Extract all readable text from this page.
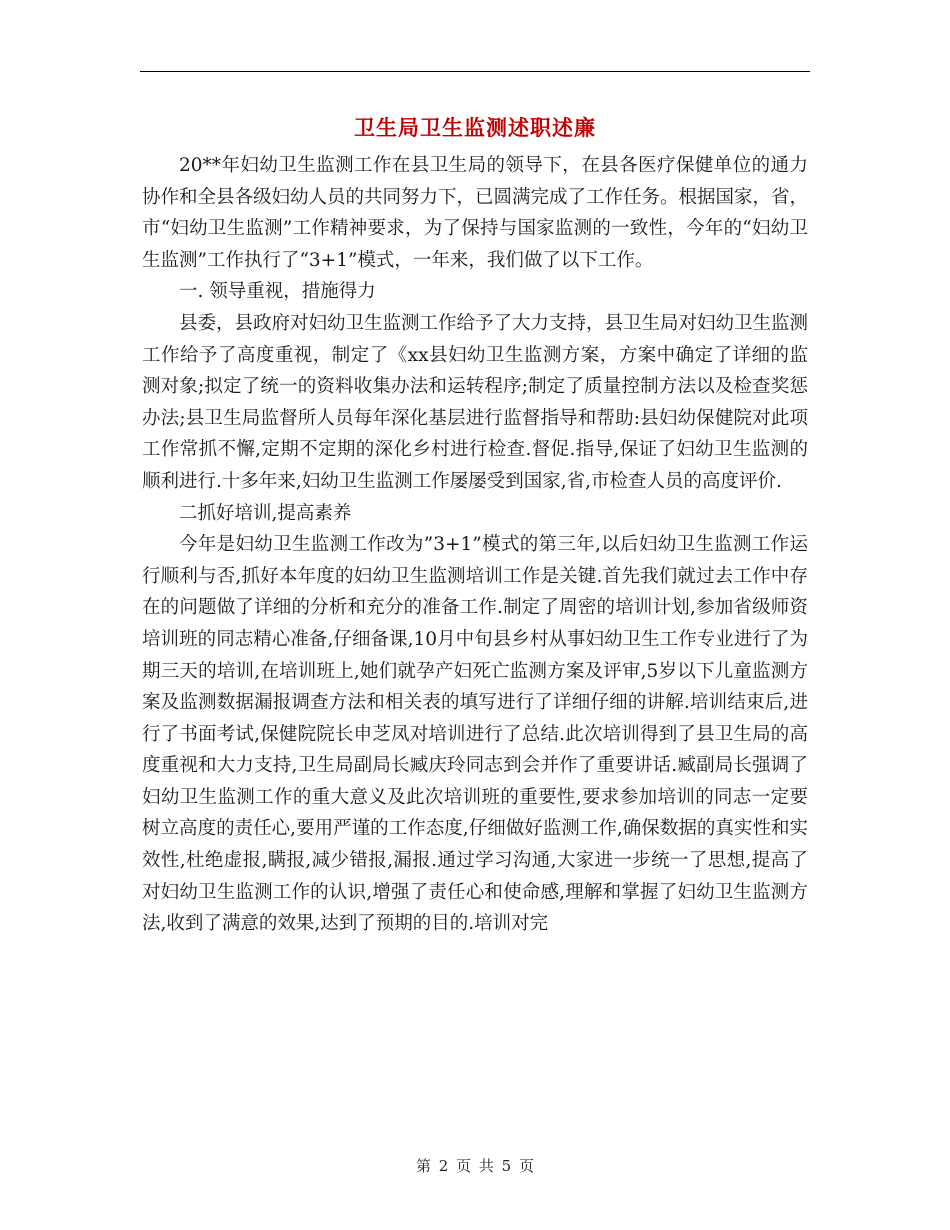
卫生局卫生监测述职述廉

20**年妇幼卫生监测工作在县卫生局的领导下，在县各医疗保健单位的通力协作和全县各级妇幼人员的共同努力下，已圆满完成了工作任务。根据国家，省，市“妇幼卫生监测”工作精神要求，为了保持与国家监测的一致性，今年的“妇幼卫生监测”工作执行了“3+1”模式，一年来，我们做了以下工作。

一. 领导重视，措施得力

县委，县政府对妇幼卫生监测工作给予了大力支持，县卫生局对妇幼卫生监测工作给予了高度重视，制定了《xx县妇幼卫生监测方案，方案中确定了详细的监测对象;拟定了统一的资料收集办法和运转程序;制定了质量控制方法以及检查奖惩办法;县卫生局监督所人员每年深化基层进行监督指导和帮助:县妇幼保健院对此项工作常抓不懈,定期不定期的深化乡村进行检查.督促.指导,保证了妇幼卫生监测的顺利进行.十多年来,妇幼卫生监测工作屡屡受到国家,省,市检查人员的高度评价.

二抓好培训,提高素养

今年是妇幼卫生监测工作改为”3+1”模式的第三年,以后妇幼卫生监测工作运行顺利与否,抓好本年度的妇幼卫生监测培训工作是关键.首先我们就过去工作中存在的问题做了详细的分析和充分的准备工作.制定了周密的培训计划,参加省级师资培训班的同志精心准备,仔细备课,10月中旬县乡村从事妇幼卫生工作专业进行了为期三天的培训,在培训班上,她们就孕产妇死亡监测方案及评审,5岁以下儿童监测方案及监测数据漏报调查方法和相关表的填写进行了详细仔细的讲解.培训结束后,进行了书面考试,保健院院长申芝凤对培训进行了总结.此次培训得到了县卫生局的高度重视和大力支持,卫生局副局长臧庆玲同志到会并作了重要讲话.臧副局长强调了妇幼卫生监测工作的重大意义及此次培训班的重要性,要求参加培训的同志一定要树立高度的责任心,要用严谨的工作态度,仔细做好监测工作,确保数据的真实性和实效性,杜绝虚报,瞒报,减少错报,漏报.通过学习沟通,大家进一步统一了思想,提高了对妇幼卫生监测工作的认识,增强了责任心和使命感,理解和掌握了妇幼卫生监测方法,收到了满意的效果,达到了预期的目的.培训对完

第 2 页 共 5 页
